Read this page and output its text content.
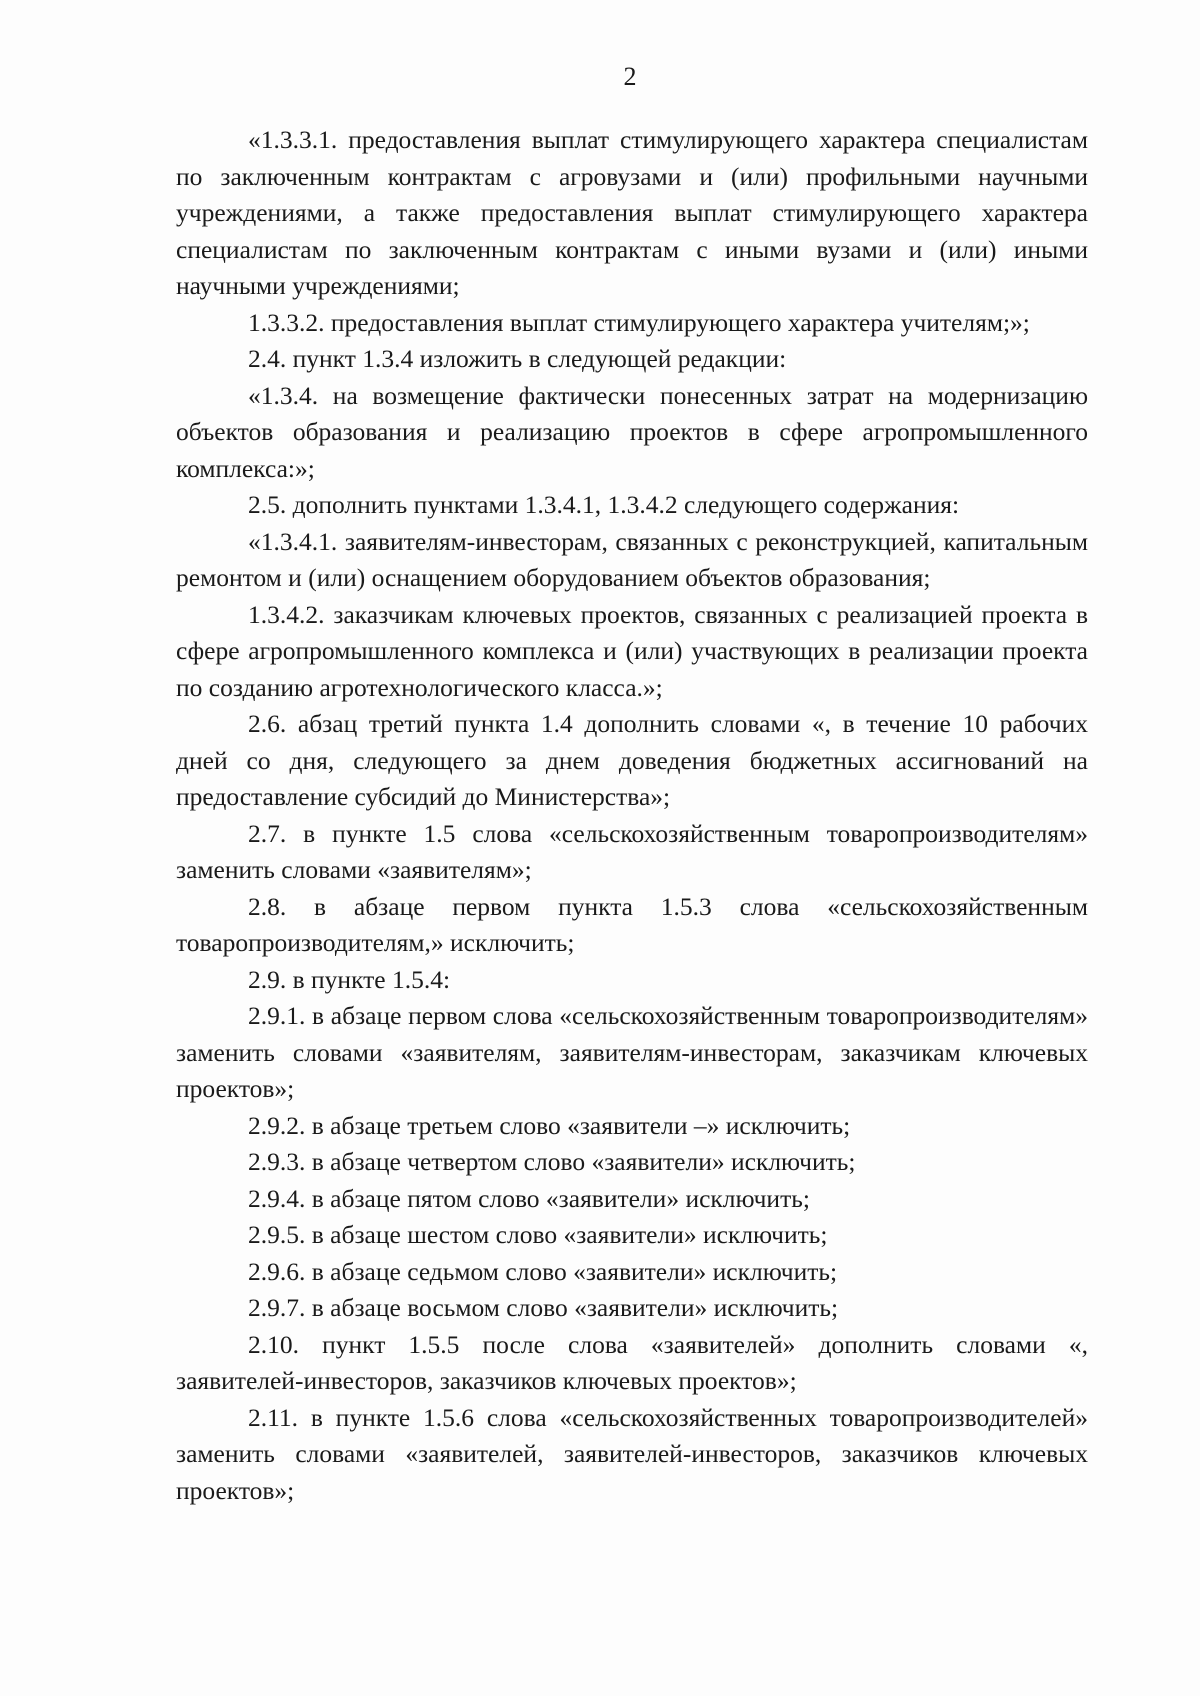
2

«1.3.3.1. предоставления выплат стимулирующего характера специалистам по заключенным контрактам с агровузами и (или) профильными научными учреждениями, а также предоставления выплат стимулирующего характера специалистам по заключенным контрактам с иными вузами и (или) иными научными учреждениями;

1.3.3.2. предоставления выплат стимулирующего характера учителям;»;

2.4. пункт 1.3.4 изложить в следующей редакции:

«1.3.4. на возмещение фактически понесенных затрат на модернизацию объектов образования и реализацию проектов в сфере агропромышленного комплекса:»;

2.5. дополнить пунктами 1.3.4.1, 1.3.4.2 следующего содержания:

«1.3.4.1. заявителям-инвесторам, связанных с реконструкцией, капитальным ремонтом и (или) оснащением оборудованием объектов образования;

1.3.4.2. заказчикам ключевых проектов, связанных с реализацией проекта в сфере агропромышленного комплекса и (или) участвующих в реализации проекта по созданию агротехнологического класса.»;

2.6. абзац третий пункта 1.4 дополнить словами «, в течение 10 рабочих дней со дня, следующего за днем доведения бюджетных ассигнований на предоставление субсидий до Министерства»;

2.7. в пункте 1.5 слова «сельскохозяйственным товаропроизводителям» заменить словами «заявителям»;

2.8. в абзаце первом пункта 1.5.3 слова «сельскохозяйственным товаропроизводителям,» исключить;

2.9. в пункте 1.5.4:

2.9.1. в абзаце первом слова «сельскохозяйственным товаропроизводителям» заменить словами «заявителям, заявителям-инвесторам, заказчикам ключевых проектов»;

2.9.2. в абзаце третьем слово «заявители –» исключить;

2.9.3. в абзаце четвертом слово «заявители» исключить;

2.9.4. в абзаце пятом слово «заявители» исключить;

2.9.5. в абзаце шестом слово «заявители» исключить;

2.9.6. в абзаце седьмом слово «заявители» исключить;

2.9.7. в абзаце восьмом слово «заявители» исключить;

2.10. пункт 1.5.5 после слова «заявителей» дополнить словами «, заявителей-инвесторов, заказчиков ключевых проектов»;

2.11. в пункте 1.5.6 слова «сельскохозяйственных товаропроизводителей» заменить словами «заявителей, заявителей-инвесторов, заказчиков ключевых проектов»;
